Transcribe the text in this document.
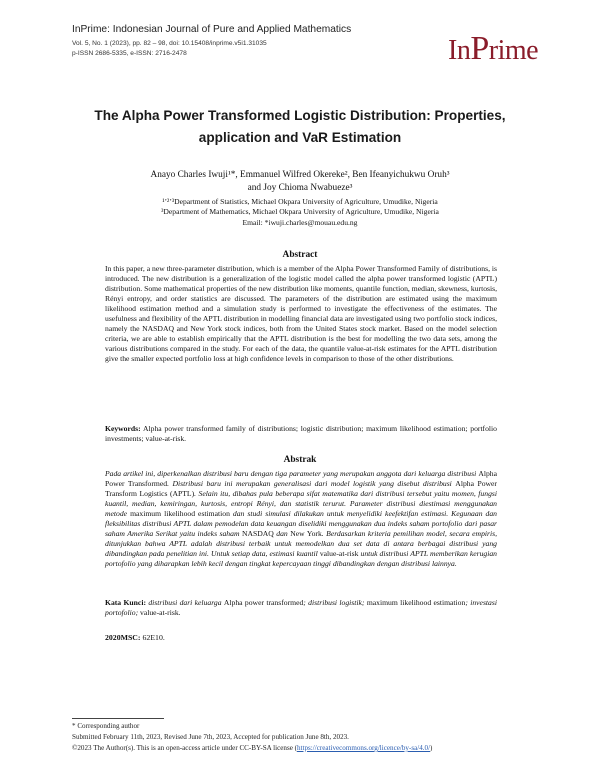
InPrime: Indonesian Journal of Pure and Applied Mathematics
Vol. 5, No. 1 (2023), pp. 82 – 98, doi: 10.15408/inprime.v5i1.31035
p-ISSN 2686-5335, e-ISSN: 2716-2478	InPrime
The Alpha Power Transformed Logistic Distribution: Properties,
application and VaR Estimation
Anayo Charles Iwuji¹*, Emmanuel Wilfred Okereke², Ben Ifeanyichukwu Oruh³
and Joy Chioma Nwabueze³
¹ʼ²ʼ³Department of Statistics, Michael Okpara University of Agriculture, Umudike, Nigeria
³Department of Mathematics, Michael Okpara University of Agriculture, Umudike, Nigeria
Email: *iwuji.charles@mouau.edu.ng
Abstract
In this paper, a new three-parameter distribution, which is a member of the Alpha Power Transformed Family of distributions, is introduced. The new distribution is a generalization of the logistic model called the alpha power transformed logistic (APTL) distribution. Some mathematical properties of the new distribution like moments, quantile function, median, skewness, kurtosis, Rényi entropy, and order statistics are discussed. The parameters of the distribution are estimated using the maximum likelihood estimation method and a simulation study is performed to investigate the effectiveness of the estimates. The usefulness and flexibility of the APTL distribution in modelling financial data are investigated using two portfolio stock indices, namely the NASDAQ and New York stock indices, both from the United States stock market. Based on the model selection criteria, we are able to establish empirically that the APTL distribution is the best for modelling the two data sets, among the various distributions compared in the study. For each of the data, the quantile value-at-risk estimates for the APTL distribution give the smaller expected portfolio loss at high confidence levels in comparison to those of the other distributions.
Keywords: Alpha power transformed family of distributions; logistic distribution; maximum likelihood estimation; portfolio investments; value-at-risk.
Abstrak
Pada artikel ini, diperkenalkan distribusi baru dengan tiga parameter yang merupakan anggota dari keluarga distribusi Alpha Power Transformed. Distribusi baru ini merupakan generalisasi dari model logistik yang disebut distribusi Alpha Power Transform Logistics (APTL). Selain itu, dibahas pula beberapa sifat matematika dari distribusi tersebut yaitu momen, fungsi kuantil, median, kemiringan, kurtosis, entropi Rényi, dan statistik terurut. Parameter distribusi diestimasi menggunakan metode maximum likelihood estimation dan studi simulasi dilakukan untuk menyelidiki keefektifan estimasi. Kegunaan dan fleksibilitas distribusi APTL dalam pemodelan data keuangan diselidiki menggunakan dua indeks saham portofolio dari pasar saham Amerika Serikat yaitu indeks saham NASDAQ dan New York. Berdasarkan kriteria pemilihan model, secara empiris, ditunjukkan bahwa APTL adalah distribusi terbaik untuk memodelkan dua set data di antara berbagai distribusi yang dibandingkan pada penelitian ini. Untuk setiap data, estimasi kuantil value-at-risk untuk distribusi APTL memberikan kerugian portofolio yang diharapkan lebih kecil dengan tingkat kepercayaan tinggi dibandingkan dengan distribusi lainnya.
Kata Kunci: distribusi dari keluarga Alpha power transformed; distribusi logistik; maximum likelihood estimation; investasi portofolio; value-at-risk.
2020MSC: 62E10.
* Corresponding author
Submitted February 11th, 2023, Revised June 7th, 2023, Accepted for publication June 8th, 2023.
©2023 The Author(s). This is an open-access article under CC-BY-SA license (https://creativecommons.org/licence/by-sa/4.0/)
